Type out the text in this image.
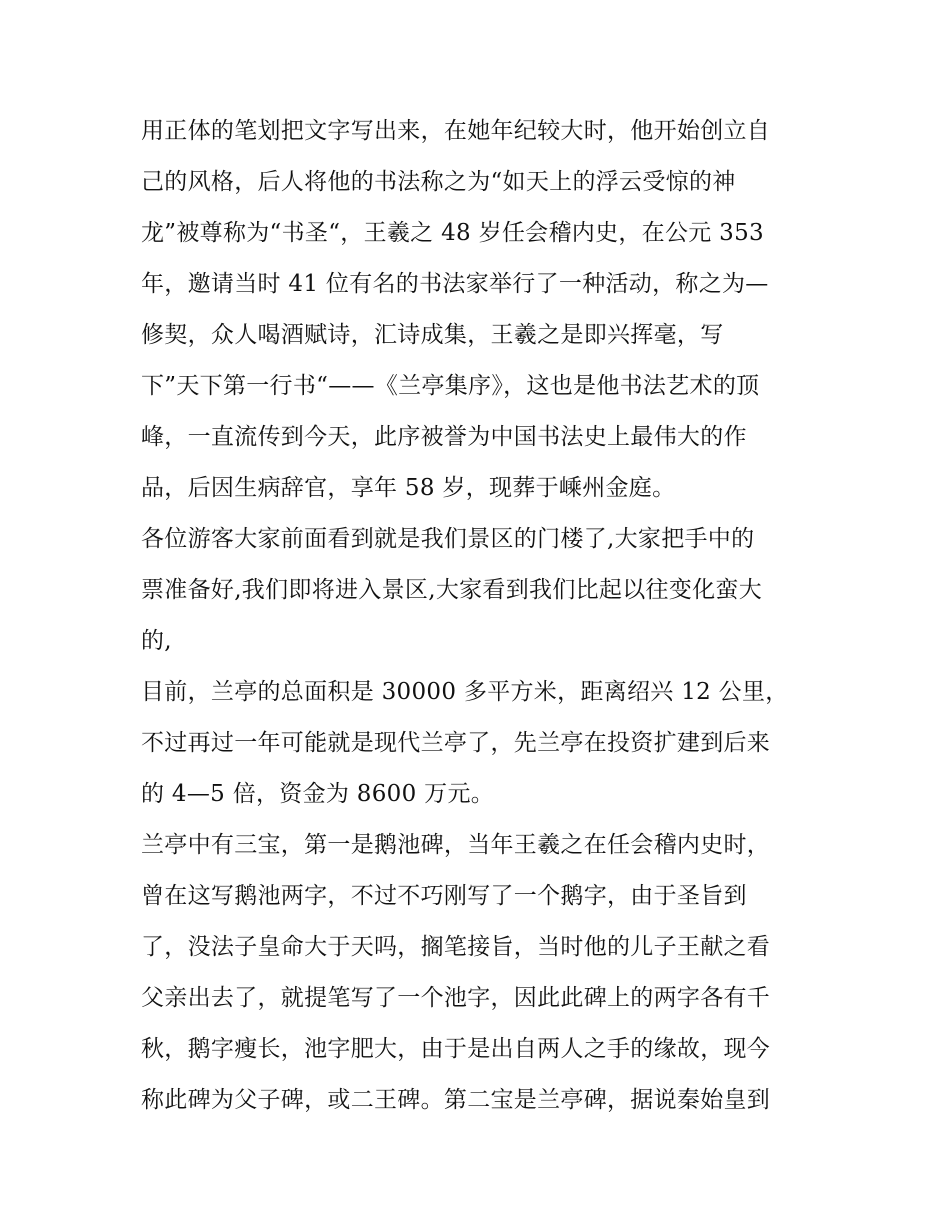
用正体的笔划把文字写出来，在她年纪较大时，他开始创立自
己的风格，后人将他的书法称之为“如天上的浮云受惊的神
龙”被尊称为“书圣“，王羲之 48 岁任会稽内史，在公元 353
年，邀请当时 41 位有名的书法家举行了一种活动，称之为—
修契，众人喝酒赋诗，汇诗成集，王羲之是即兴挥毫，写
下”天下第一行书“——《兰亭集序》，这也是他书法艺术的顶
峰，一直流传到今天，此序被誉为中国书法史上最伟大的作
品，后因生病辞官，享年 58 岁，现葬于嵊州金庭。
各位游客大家前面看到就是我们景区的门楼了,大家把手中的
票准备好,我们即将进入景区,大家看到我们比起以往变化蛮大
的,
目前，兰亭的总面积是 30000 多平方米，距离绍兴 12 公里，
不过再过一年可能就是现代兰亭了，先兰亭在投资扩建到后来
的 4—5 倍，资金为 8600 万元。
兰亭中有三宝，第一是鹅池碑，当年王羲之在任会稽内史时，
曾在这写鹅池两字，不过不巧刚写了一个鹅字，由于圣旨到
了，没法子皇命大于天吗，搁笔接旨，当时他的儿子王献之看
父亲出去了，就提笔写了一个池字，因此此碑上的两字各有千
秋，鹅字瘦长，池字肥大，由于是出自两人之手的缘故，现今
称此碑为父子碑，或二王碑。第二宝是兰亭碑，据说秦始皇到
